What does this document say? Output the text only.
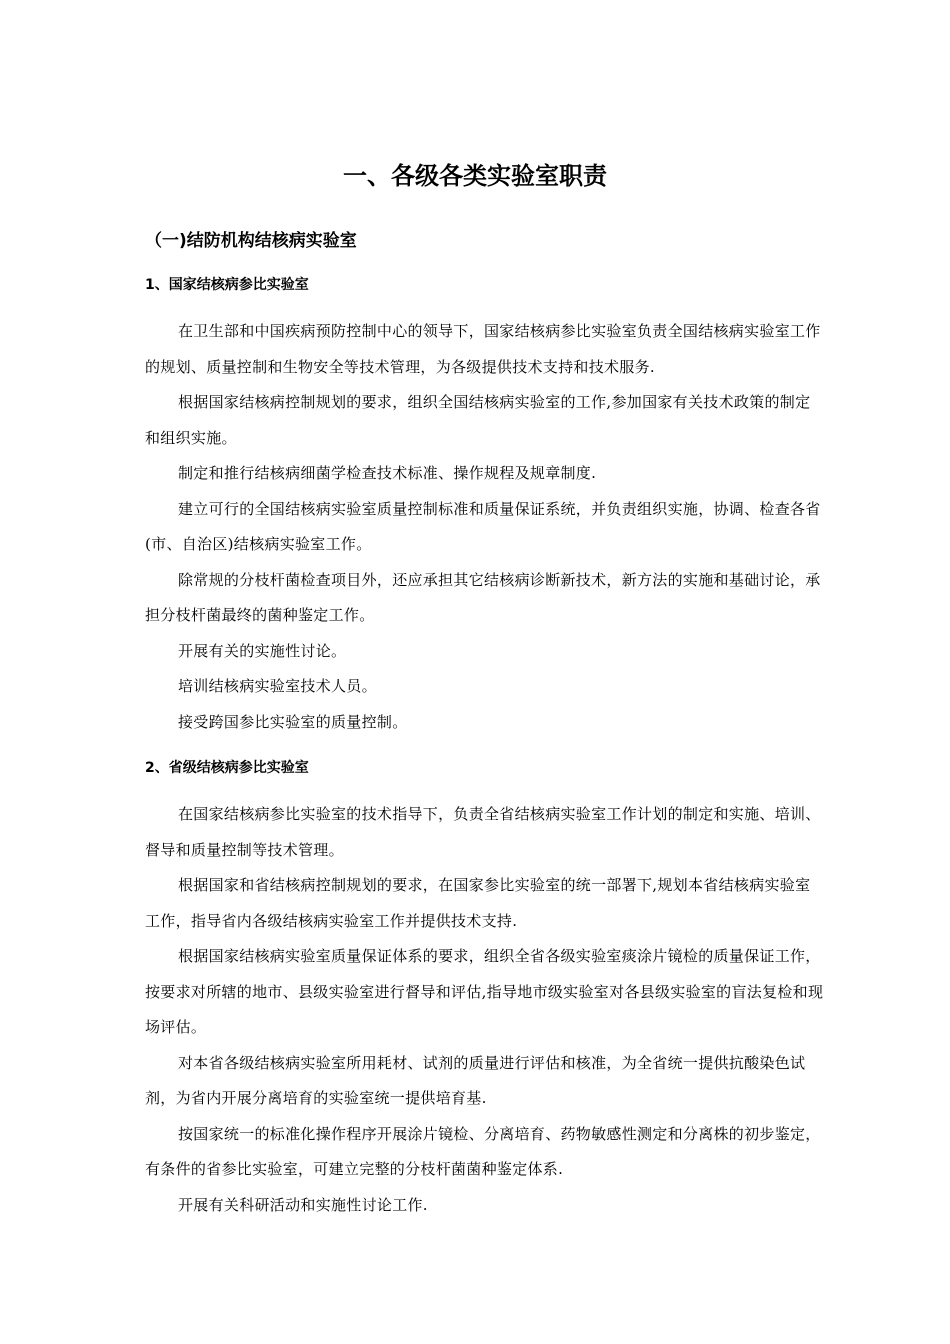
一、各级各类实验室职责
（一)结防机构结核病实验室
1、国家结核病参比实验室

在卫生部和中国疾病预防控制中心的领导下，国家结核病参比实验室负责全国结核病实验室工作的规划、质量控制和生物安全等技术管理，为各级提供技术支持和技术服务.

根据国家结核病控制规划的要求，组织全国结核病实验室的工作,参加国家有关技术政策的制定和组织实施。

制定和推行结核病细菌学检查技术标准、操作规程及规章制度.

建立可行的全国结核病实验室质量控制标准和质量保证系统，并负责组织实施，协调、检查各省(市、自治区)结核病实验室工作。

除常规的分枝杆菌检查项目外，还应承担其它结核病诊断新技术，新方法的实施和基础讨论，承担分枝杆菌最终的菌种鉴定工作。

开展有关的实施性讨论。

培训结核病实验室技术人员。

接受跨国参比实验室的质量控制。

2、省级结核病参比实验室

在国家结核病参比实验室的技术指导下，负责全省结核病实验室工作计划的制定和实施、培训、督导和质量控制等技术管理。

根据国家和省结核病控制规划的要求，在国家参比实验室的统一部署下,规划本省结核病实验室工作，指导省内各级结核病实验室工作并提供技术支持.

根据国家结核病实验室质量保证体系的要求，组织全省各级实验室痰涂片镜检的质量保证工作，按要求对所辖的地市、县级实验室进行督导和评估,指导地市级实验室对各县级实验室的盲法复检和现场评估。

对本省各级结核病实验室所用耗材、试剂的质量进行评估和核准，为全省统一提供抗酸染色试剂，为省内开展分离培育的实验室统一提供培育基.

按国家统一的标准化操作程序开展涂片镜检、分离培育、药物敏感性测定和分离株的初步鉴定，有条件的省参比实验室，可建立完整的分枝杆菌菌种鉴定体系.

开展有关科研活动和实施性讨论工作.
